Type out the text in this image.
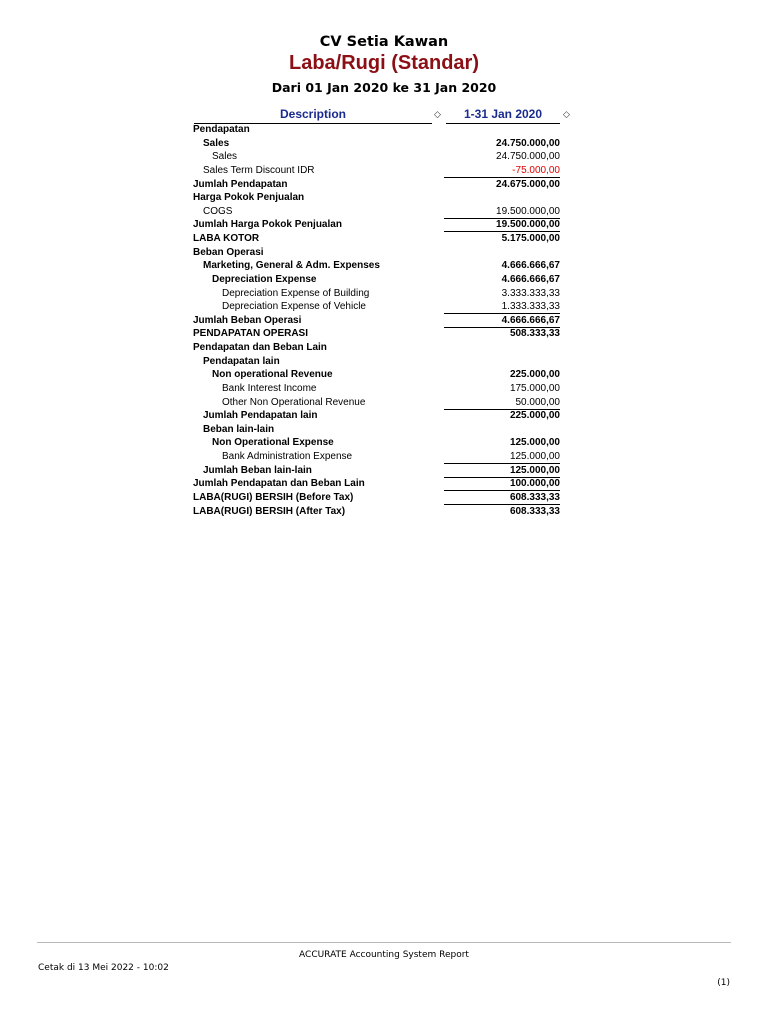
CV Setia Kawan
Laba/Rugi (Standar)
Dari 01 Jan 2020 ke 31 Jan 2020
Description	◇	1-31 Jan 2020	◇
Pendapatan
Sales	24.750.000,00
Sales	24.750.000,00
Sales Term Discount IDR	-75.000,00
Jumlah Pendapatan	24.675.000,00
Harga Pokok Penjualan
COGS	19.500.000,00
Jumlah Harga Pokok Penjualan	19.500.000,00
LABA KOTOR	5.175.000,00
Beban Operasi
Marketing, General & Adm. Expenses	4.666.666,67
Depreciation Expense	4.666.666,67
Depreciation Expense of Building	3.333.333,33
Depreciation Expense of Vehicle	1.333.333,33
Jumlah Beban Operasi	4.666.666,67
PENDAPATAN OPERASI	508.333,33
Pendapatan dan Beban Lain
Pendapatan lain
Non operational Revenue	225.000,00
Bank Interest Income	175.000,00
Other Non Operational Revenue	50.000,00
Jumlah Pendapatan lain	225.000,00
Beban lain-lain
Non Operational Expense	125.000,00
Bank Administration Expense	125.000,00
Jumlah Beban lain-lain	125.000,00
Jumlah Pendapatan dan Beban Lain	100.000,00
LABA(RUGI) BERSIH (Before Tax)	608.333,33
LABA(RUGI) BERSIH (After Tax)	608.333,33
ACCURATE Accounting System Report
Cetak di 13 Mei 2022 - 10:02
(1)
